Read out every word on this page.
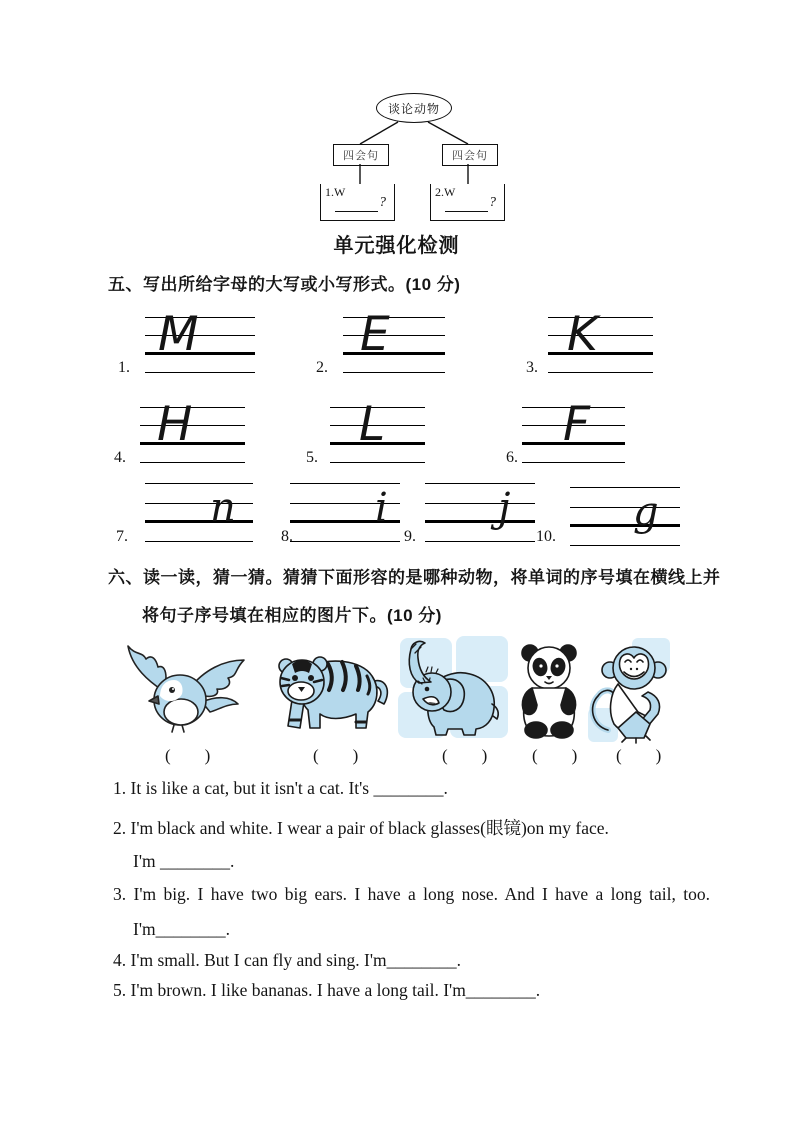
谈论动物
四会句	四会句
1.W
?
2.W
?
单元强化检测
五、写出所给字母的大写或小写形式。(10 分)
M
1.
E
2.
K
3.
H
4.
L
5.
F
6.
n
7.
i
8.
j
9.
g
10.
六、读一读，猜一猜。猜猜下面形容的是哪种动物，将单词的序号填在横线上并
将句子序号填在相应的图片下。(10 分)
(        )	(        )	(        )	(        ) (        )
1. It is like a cat, but it isn't a cat. It's ________.
2. I'm black and white. I wear a pair of black glasses(眼镜)on my face.
I'm ________.
3. I'm big. I have two big ears. I have a long nose. And I have a long tail, too.
I'm________.
4. I'm small. But I can fly and sing. I'm________.
5. I'm brown. I like bananas. I have a long tail. I'm________.
